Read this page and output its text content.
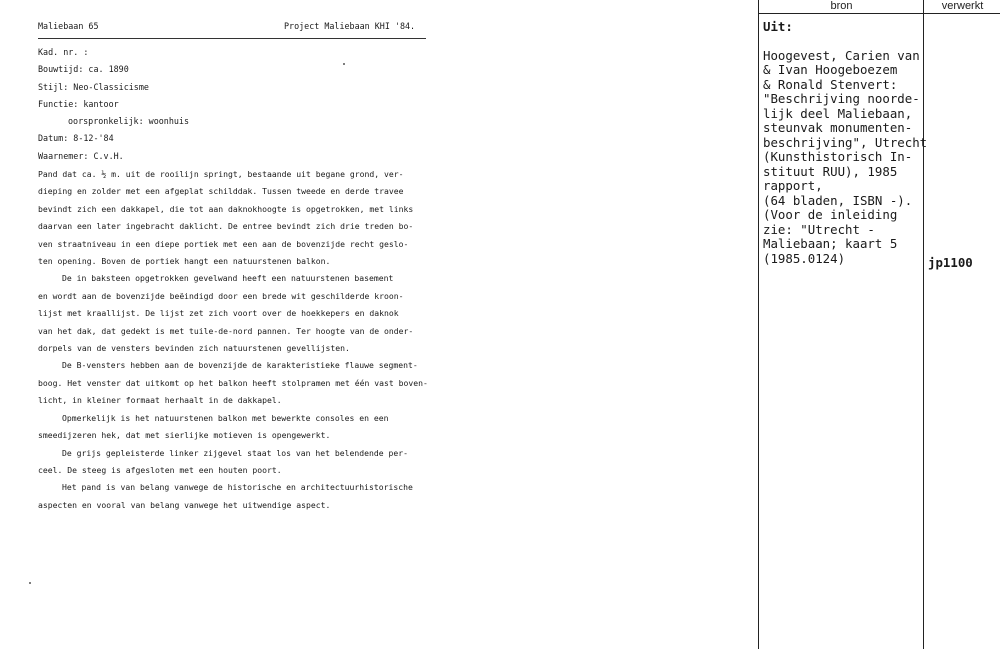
Maliebaan 65	Project Maliebaan KHI '84.
Kad. nr. :
Bouwtijd: ca. 1890
Stijl: Neo-Classicisme
Functie: kantoor
oorspronkelijk: woonhuis
Datum: 8-12-'84
Waarnemer: C.v.H.
Pand dat ca. ½ m. uit de rooilijn springt, bestaande uit begane grond, ver-
dieping en zolder met een afgeplat schilddak. Tussen tweede en derde travee
bevindt zich een dakkapel, die tot aan daknokhoogte is opgetrokken, met links
daarvan een later ingebracht daklicht. De entree bevindt zich drie treden bo-
ven straatniveau in een diepe portiek met een aan de bovenzijde recht geslo-
ten opening. Boven de portiek hangt een natuurstenen balkon.
De in baksteen opgetrokken gevelwand heeft een natuurstenen basement
en wordt aan de bovenzijde beëindigd door een brede wit geschilderde kroon-
lijst met kraallijst. De lijst zet zich voort over de hoekkepers en daknok
van het dak, dat gedekt is met tuile-de-nord pannen. Ter hoogte van de onder-
dorpels van de vensters bevinden zich natuurstenen gevellijsten.
De B-vensters hebben aan de bovenzijde de karakteristieke flauwe segment-
boog. Het venster dat uitkomt op het balkon heeft stolpramen met één vast boven-
licht, in kleiner formaat herhaalt in de dakkapel.
Opmerkelijk is het natuurstenen balkon met bewerkte consoles en een
smeedijzeren hek, dat met sierlijke motieven is opengewerkt.
De grijs gepleisterde linker zijgevel staat los van het belendende per-
ceel. De steeg is afgesloten met een houten poort.
Het pand is van belang vanwege de historische en architectuurhistorische
aspecten en vooral van belang vanwege het uitwendige aspect.
bron	verwerkt
Uit:
Hoogevest, Carien van
& Ivan Hoogeboezem
& Ronald Stenvert:
"Beschrijving noorde-
lijk deel Maliebaan,
steunvak monumenten-
beschrijving", Utrecht
(Kunsthistorisch In-
stituut RUU), 1985
rapport,
(64 bladen, ISBN -).
(Voor de inleiding
zie: "Utrecht -
Maliebaan; kaart 5
(1985.0124)	jp1100
